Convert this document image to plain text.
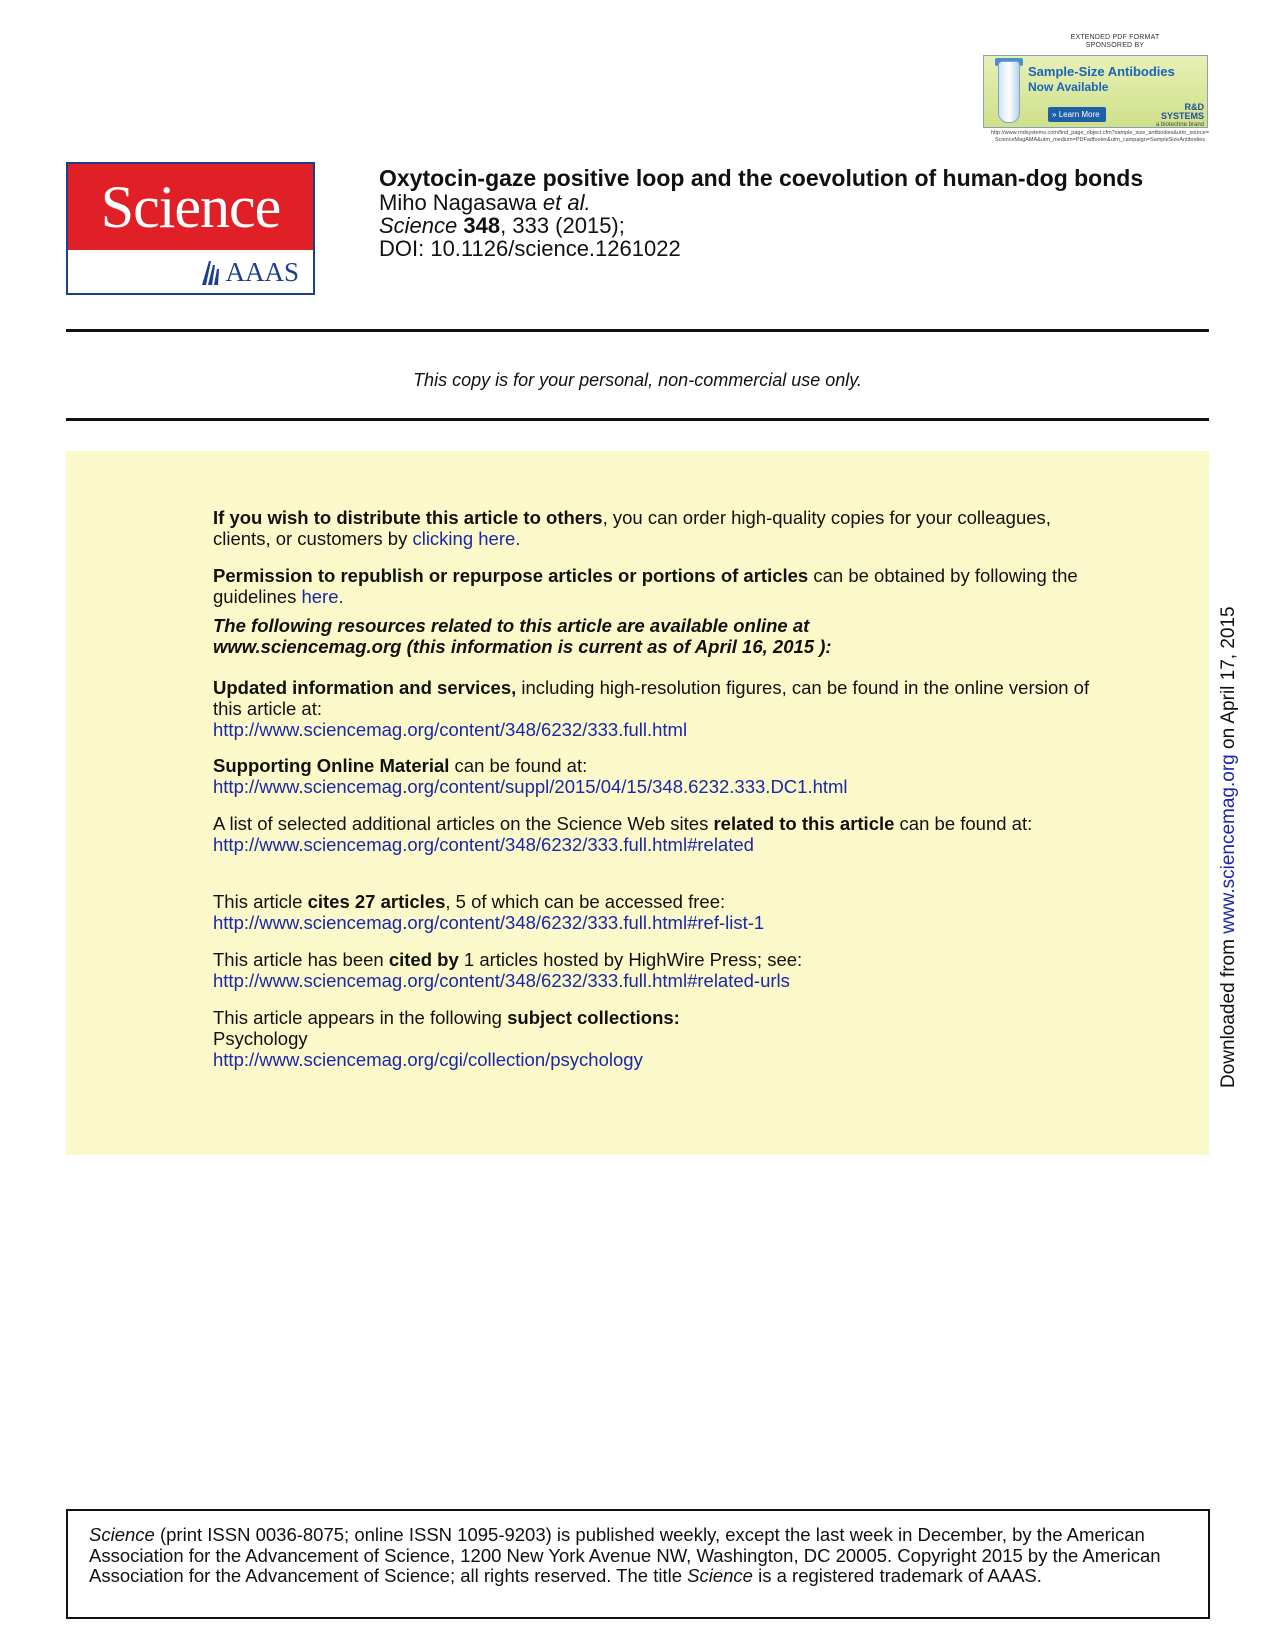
EXTENDED PDF FORMAT
SPONSORED BY
Sample-Size Antibodies
Now Available
» Learn More
R&D SYSTEMS
a biotechne brand
http://www.rndsystems.com/find_page_object.cfm?sample_size_antibodies&utm_source=ScienceMagAMA&utm_medium=PDFadfooter&utm_campaign=SampleSizeAntibodies
Science
AAAS

Oxytocin-gaze positive loop and the coevolution of human-dog bonds

Miho Nagasawa et al.
Science 348, 333 (2015);
DOI: 10.1126/science.1261022
This copy is for your personal, non-commercial use only.

If you wish to distribute this article to others, you can order high-quality copies for your colleagues, clients, or customers by clicking here.

Permission to republish or repurpose articles or portions of articles can be obtained by following the guidelines here.

The following resources related to this article are available online at
www.sciencemag.org (this information is current as of April 16, 2015 ):

Updated information and services, including high-resolution figures, can be found in the online version of this article at:
http://www.sciencemag.org/content/348/6232/333.full.html

Supporting Online Material can be found at:
http://www.sciencemag.org/content/suppl/2015/04/15/348.6232.333.DC1.html

A list of selected additional articles on the Science Web sites related to this article can be found at:
http://www.sciencemag.org/content/348/6232/333.full.html#related

This article cites 27 articles, 5 of which can be accessed free:
http://www.sciencemag.org/content/348/6232/333.full.html#ref-list-1

This article has been cited by 1 articles hosted by HighWire Press; see:
http://www.sciencemag.org/content/348/6232/333.full.html#related-urls

This article appears in the following subject collections:
Psychology
http://www.sciencemag.org/cgi/collection/psychology	Downloaded from www.sciencemag.org on April 17, 2015

Science (print ISSN 0036-8075; online ISSN 1095-9203) is published weekly, except the last week in December, by the American Association for the Advancement of Science, 1200 New York Avenue NW, Washington, DC 20005. Copyright 2015 by the American Association for the Advancement of Science; all rights reserved. The title Science is a registered trademark of AAAS.
